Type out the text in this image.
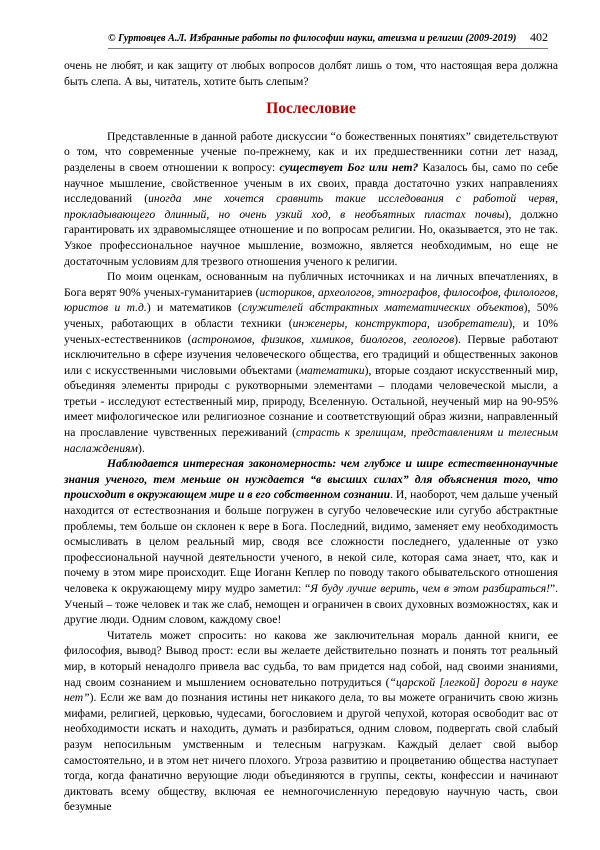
© Гуртовцев А.Л. Избранные работы по философии науки, атеизма и религии (2009-2019) 402

очень не любят, и как защиту от любых вопросов долбят лишь о том, что настоящая вера должна быть слепа. А вы, читатель, хотите быть слепым?

Послесловие

Представленные в данной работе дискуссии “о божественных понятиях” свидетельствуют о том, что современные ученые по-прежнему, как и их предшественники сотни лет назад, разделены в своем отношении к вопросу: существует Бог или нет? Казалось бы, само по себе научное мышление, свойственное ученым в их своих, правда достаточно узких направлениях исследований (иногда мне хочется сравнить такие исследования с работой червя, прокладывающего длинный, но очень узкий ход, в необъятных пластах почвы), должно гарантировать их здравомыслящее отношение и по вопросам религии. Но, оказывается, это не так. Узкое профессиональное научное мышление, возможно, является необходимым, но еще не достаточным условиям для трезвого отношения ученого к религии.

По моим оценкам, основанным на публичных источниках и на личных впечатлениях, в Бога верят 90% ученых-гуманитариев (историков, археологов, этнографов, философов, филологов, юристов и т.д.) и математиков (служителей абстрактных математических объектов), 50% ученых, работающих в области техники (инженеры, конструктора, изобретатели), и 10% ученых-естественников (астрономов, физиков, химиков, биологов, геологов). Первые работают исключительно в сфере изучения человеческого общества, его традиций и общественных законов или с искусственными числовыми объектами (математики), вторые создают искусственный мир, объединяя элементы природы с рукотворными элементами – плодами человеческой мысли, а третьи - исследуют естественный мир, природу, Вселенную. Остальной, неученый мир на 90-95% имеет мифологическое или религиозное сознание и соответствующий образ жизни, направленный на прославление чувственных переживаний (страсть к зрелищам, представлениям и телесным наслаждениям).

Наблюдается интересная закономерность: чем глубже и шире естественнонаучные знания ученого, тем меньше он нуждается “в высших силах” для объяснения того, что происходит в окружающем мире и в его собственном сознании. И, наоборот, чем дальше ученый находится от естествознания и больше погружен в сугубо человеческие или сугубо абстрактные проблемы, тем больше он склонен к вере в Бога. Последний, видимо, заменяет ему необходимость осмысливать в целом реальный мир, сводя все сложности последнего, удаленные от узко профессиональной научной деятельности ученого, в некой силе, которая сама знает, что, как и почему в этом мире происходит. Еще Иоганн Кеплер по поводу такого обывательского отношения человека к окружающему миру мудро заметил: “Я буду лучше верить, чем в этом разбираться!”. Ученый – тоже человек и так же слаб, немощен и ограничен в своих духовных возможностях, как и другие люди. Одним словом, каждому свое!

Читатель может спросить: но какова же заключительная мораль данной книги, ее философия, вывод? Вывод прост: если вы желаете действительно познать и понять тот реальный мир, в который ненадолго привела вас судьба, то вам придется над собой, над своими знаниями, над своим сознанием и мышлением основательно потрудиться (“царской [легкой] дороги в науке нет”). Если же вам до познания истины нет никакого дела, то вы можете ограничить свою жизнь мифами, религией, церковью, чудесами, богословием и другой чепухой, которая освободит вас от необходимости искать и находить, думать и разбираться, одним словом, подвергать свой слабый разум непосильным умственным и телесным нагрузкам. Каждый делает свой выбор самостоятельно, и в этом нет ничего плохого. Угроза развитию и процветанию общества наступает тогда, когда фанатично верующие люди объединяются в группы, секты, конфессии и начинают диктовать всему обществу, включая ее немногочисленную передовую научную часть, свои безумные
